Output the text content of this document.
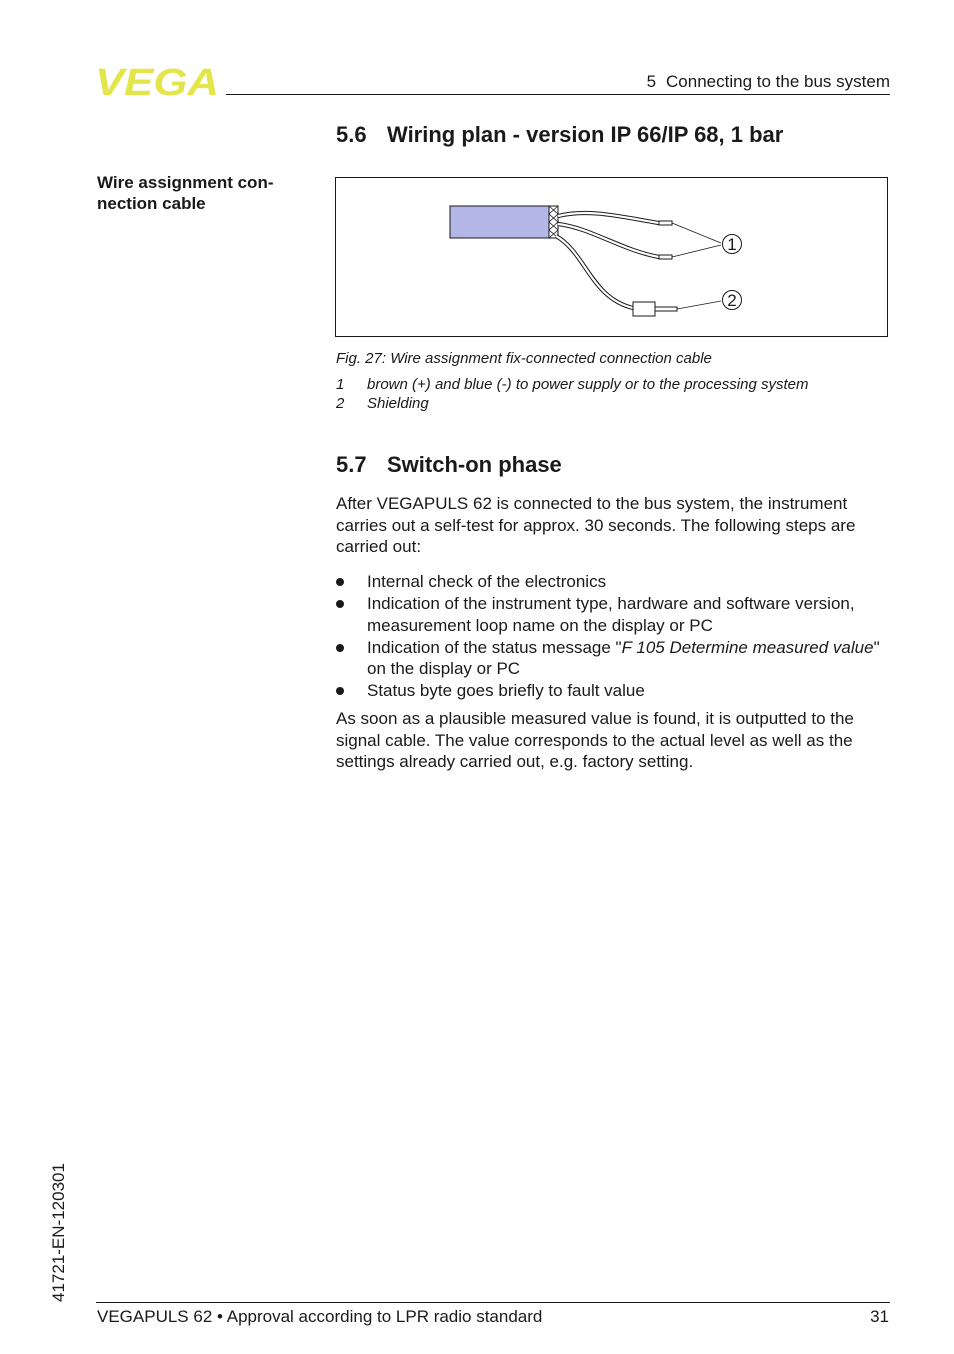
VEGA	5 Connecting to the bus system
5.6 Wiring plan - version IP 66/IP 68, 1 bar
Wire assignment con-
nection cable
1
2
Fig. 27: Wire assignment fix-connected connection cable
1 brown (+) and blue (-) to power supply or to the processing system
2 Shielding
5.7 Switch-on phase

After VEGAPULS 62 is connected to the bus system, the instrument carries out a self-test for approx. 30 seconds. The following steps are carried out:

Internal check of the electronics
Indication of the instrument type, hardware and software version, measurement loop name on the display or PC
Indication of the status message "F 105 Determine measured value" on the display or PC
Status byte goes briefly to fault value

As soon as a plausible measured value is found, it is outputted to the signal cable. The value corresponds to the actual level as well as the settings already carried out, e.g. factory setting.

41721-EN-120301
VEGAPULS 62 • Approval according to LPR radio standard	31
